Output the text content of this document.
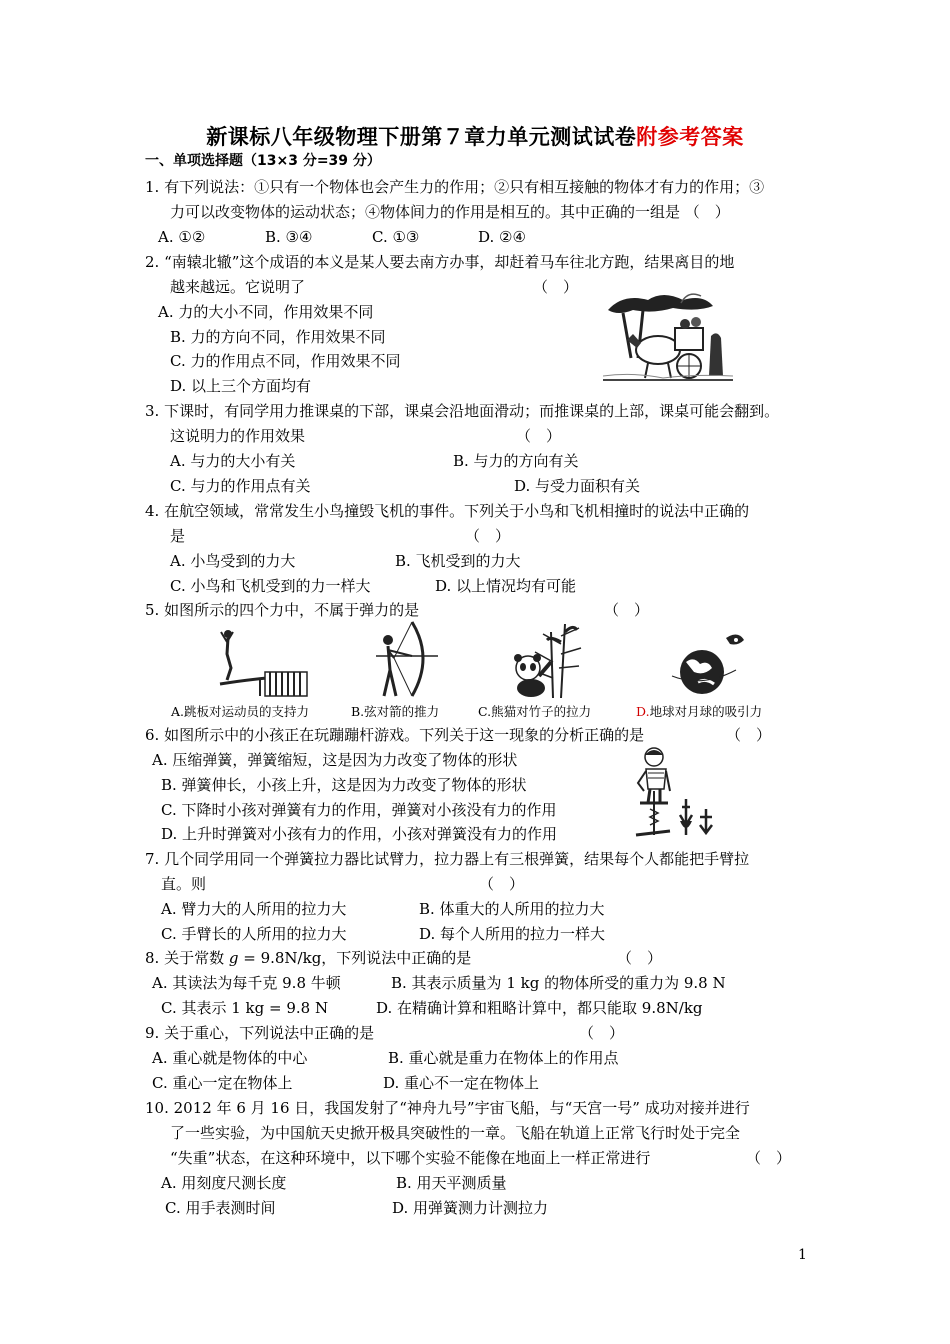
新课标八年级物理下册第７章力单元测试试卷附参考答案
一、单项选择题（13×3 分=39 分）
1. 有下列说法：①只有一个物体也会产生力的作用；②只有相互接触的物体才有力的作用；③
力可以改变物体的运动状态；④物体间力的作用是相互的。其中正确的一组是 （　）
A. ①②	B. ③④	C. ①③	D. ②④
2. “南辕北辙”这个成语的本义是某人要去南方办事，却赶着马车往北方跑，结果离目的地
越来越远。它说明了	（　）
A. 力的大小不同，作用效果不同
B. 力的方向不同，作用效果不同
C. 力的作用点不同，作用效果不同
D. 以上三个方面均有
3. 下课时，有同学用力推课桌的下部，课桌会沿地面滑动；而推课桌的上部，课桌可能会翻到。
这说明力的作用效果	（　）
A. 与力的大小有关	B. 与力的方向有关
C. 与力的作用点有关	D. 与受力面积有关
4. 在航空领域，常常发生小鸟撞毁飞机的事件。下列关于小鸟和飞机相撞时的说法中正确的
是	（　）
A. 小鸟受到的力大	B. 飞机受到的力大
C. 小鸟和飞机受到的力一样大	D. 以上情况均有可能
5. 如图所示的四个力中，不属于弹力的是	（　）
A.跳板对运动员的支持力	B.弦对箭的推力	C.熊猫对竹子的拉力	D.地球对月球的吸引力
6. 如图所示中的小孩正在玩蹦蹦杆游戏。下列关于这一现象的分析正确的是	（　）
A. 压缩弹簧，弹簧缩短，这是因为力改变了物体的形状
B. 弹簧伸长，小孩上升，这是因为力改变了物体的形状
C. 下降时小孩对弹簧有力的作用，弹簧对小孩没有力的作用
D. 上升时弹簧对小孩有力的作用，小孩对弹簧没有力的作用
7. 几个同学用同一个弹簧拉力器比试臂力，拉力器上有三根弹簧，结果每个人都能把手臂拉
直。则	（　）
A. 臂力大的人所用的拉力大	B. 体重大的人所用的拉力大
C. 手臂长的人所用的拉力大	D. 每个人所用的拉力一样大
8. 关于常数 g = 9.8N/kg，下列说法中正确的是	（　）
A. 其读法为每千克 9.8 牛顿	B. 其表示质量为 1 kg 的物体所受的重力为 9.8 N
C. 其表示 1 kg = 9.8 N	D. 在精确计算和粗略计算中，都只能取 9.8N/kg
9. 关于重心，下列说法中正确的是	（　）
A. 重心就是物体的中心	B. 重心就是重力在物体上的作用点
C. 重心一定在物体上	D. 重心不一定在物体上
10. 2012 年 6 月 16 日，我国发射了“神舟九号”宇宙飞船，与“天宫一号” 成功对接并进行
了一些实验，为中国航天史掀开极具突破性的一章。飞船在轨道上正常飞行时处于完全
“失重”状态，在这种环境中，以下哪个实验不能像在地面上一样正常进行	（　）
A. 用刻度尺测长度	B. 用天平测质量
C. 用手表测时间	D. 用弹簧测力计测拉力
1
